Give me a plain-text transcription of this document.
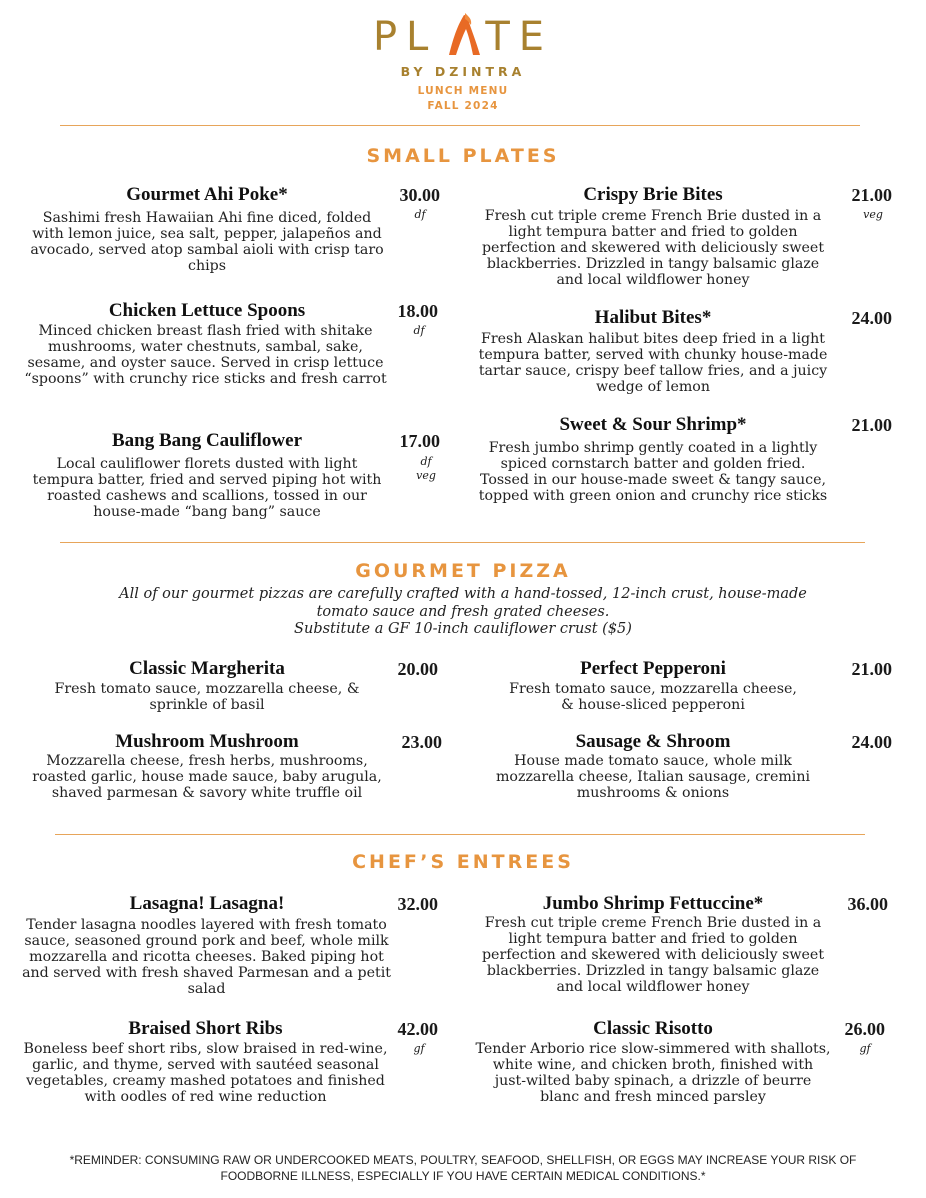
PL TE
BY DZINTRA
LUNCH MENU
FALL 2024
SMALL PLATES
Gourmet Ahi Poke*	30.00
df
Sashimi fresh Hawaiian Ahi fine diced, folded with lemon juice, sea salt, pepper, jalapeños and avocado, served atop sambal aioli with crisp taro chips
Chicken Lettuce Spoons	18.00
df
Minced chicken breast flash fried with shitake mushrooms, water chestnuts, sambal, sake, sesame, and oyster sauce. Served in crisp lettuce “spoons” with crunchy rice sticks and fresh carrot
Bang Bang Cauliflower	17.00
df veg
Local cauliflower florets dusted with light tempura batter, fried and served piping hot with roasted cashews and scallions, tossed in our house-made “bang bang” sauce
Crispy Brie Bites	21.00
veg
Fresh cut triple creme French Brie dusted in a light tempura batter and fried to golden perfection and skewered with deliciously sweet blackberries. Drizzled in tangy balsamic glaze and local wildflower honey
Halibut Bites*	24.00
Fresh Alaskan halibut bites deep fried in a light tempura batter, served with chunky house-made tartar sauce, crispy beef tallow fries, and a juicy wedge of lemon
Sweet & Sour Shrimp*	21.00
Fresh jumbo shrimp gently coated in a lightly spiced cornstarch batter and golden fried. Tossed in our house-made sweet & tangy sauce, topped with green onion and crunchy rice sticks
GOURMET PIZZA
All of our gourmet pizzas are carefully crafted with a hand-tossed, 12-inch crust, house-made tomato sauce and fresh grated cheeses.
Substitute a GF 10-inch cauliflower crust ($5)
Classic Margherita	20.00
Fresh tomato sauce, mozzarella cheese, & sprinkle of basil
Perfect Pepperoni	21.00
Fresh tomato sauce, mozzarella cheese, & house-sliced pepperoni
Mushroom Mushroom	23.00
Mozzarella cheese, fresh herbs, mushrooms, roasted garlic, house made sauce, baby arugula, shaved parmesan & savory white truffle oil
Sausage & Shroom	24.00
House made tomato sauce, whole milk mozzarella cheese, Italian sausage, cremini mushrooms & onions
CHEF’S ENTREES
Lasagna! Lasagna!	32.00
Tender lasagna noodles layered with fresh tomato sauce, seasoned ground pork and beef, whole milk mozzarella and ricotta cheeses. Baked piping hot and served with fresh shaved Parmesan and a petit salad
Jumbo Shrimp Fettuccine*	36.00
Fresh cut triple creme French Brie dusted in a light tempura batter and fried to golden perfection and skewered with deliciously sweet blackberries. Drizzled in tangy balsamic glaze and local wildflower honey
Braised Short Ribs	42.00
gf
Boneless beef short ribs, slow braised in red-wine, garlic, and thyme, served with sautéed seasonal vegetables, creamy mashed potatoes and finished with oodles of red wine reduction
Classic Risotto	26.00
gf
Tender Arborio rice slow-simmered with shallots, white wine, and chicken broth, finished with just-wilted baby spinach, a drizzle of beurre blanc and fresh minced parsley
*REMINDER: CONSUMING RAW OR UNDERCOOKED MEATS, POULTRY, SEAFOOD, SHELLFISH, OR EGGS MAY INCREASE YOUR RISK OF FOODBORNE ILLNESS, ESPECIALLY IF YOU HAVE CERTAIN MEDICAL CONDITIONS.*
